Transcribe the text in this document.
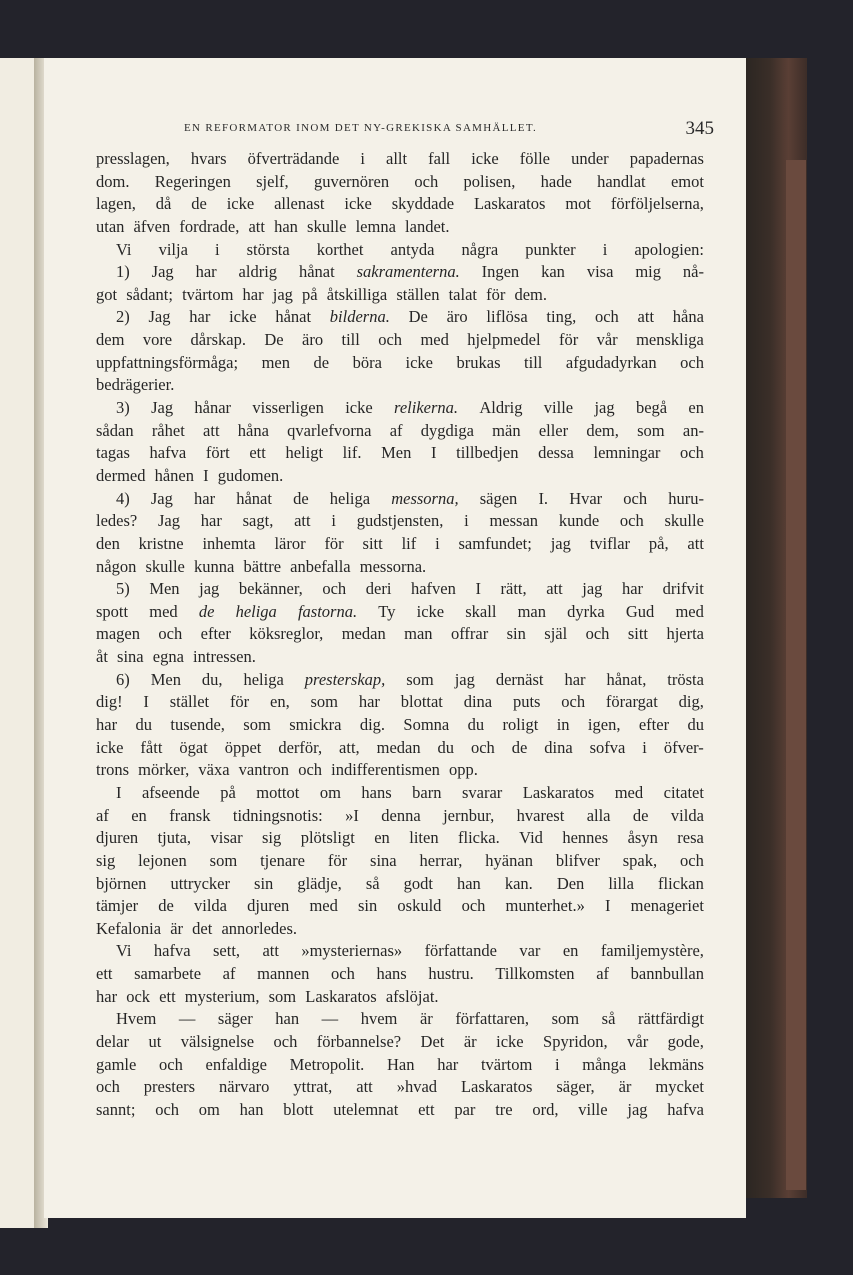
EN REFORMATOR INOM DET NY-GREKISKA SAMHÄLLET.	345
presslagen, hvars öfverträdande i allt fall icke fölle under papadernas
dom. Regeringen sjelf, guvernören och polisen, hade handlat emot
lagen, då de icke allenast icke skyddade Laskaratos mot förföljelserna,
utan äfven fordrade, att han skulle lemna landet.
Vi vilja i största korthet antyda några punkter i apologien:
1) Jag har aldrig hånat sakramenterna. Ingen kan visa mig nå-
got sådant; tvärtom har jag på åtskilliga ställen talat för dem.
2) Jag har icke hånat bilderna. De äro liflösa ting, och att håna
dem vore dårskap. De äro till och med hjelpmedel för vår menskliga
uppfattningsförmåga; men de böra icke brukas till afgudadyrkan och
bedrägerier.
3) Jag hånar visserligen icke relikerna. Aldrig ville jag begå en
sådan råhet att håna qvarlefvorna af dygdiga män eller dem, som an-
tagas hafva fört ett heligt lif. Men I tillbedjen dessa lemningar och
dermed hånen I gudomen.
4) Jag har hånat de heliga messorna, sägen I. Hvar och huru-
ledes? Jag har sagt, att i gudstjensten, i messan kunde och skulle
den kristne inhemta läror för sitt lif i samfundet; jag tviflar på, att
någon skulle kunna bättre anbefalla messorna.
5) Men jag bekänner, och deri hafven I rätt, att jag har drifvit
spott med de heliga fastorna. Ty icke skall man dyrka Gud med
magen och efter köksreglor, medan man offrar sin själ och sitt hjerta
åt sina egna intressen.
6) Men du, heliga presterskap, som jag dernäst har hånat, trösta
dig! I stället för en, som har blottat dina puts och förargat dig,
har du tusende, som smickra dig. Somna du roligt in igen, efter du
icke fått ögat öppet derför, att, medan du och de dina sofva i öfver-
trons mörker, växa vantron och indifferentismen opp.
I afseende på mottot om hans barn svarar Laskaratos med citatet
af en fransk tidningsnotis: »I denna jernbur, hvarest alla de vilda
djuren tjuta, visar sig plötsligt en liten flicka. Vid hennes åsyn resa
sig lejonen som tjenare för sina herrar, hyänan blifver spak, och
björnen uttrycker sin glädje, så godt han kan. Den lilla flickan
tämjer de vilda djuren med sin oskuld och munterhet.» I menageriet
Kefalonia är det annorledes.
Vi hafva sett, att »mysteriernas» författande var en familjemystère,
ett samarbete af mannen och hans hustru. Tillkomsten af bannbullan
har ock ett mysterium, som Laskaratos afslöjat.
Hvem — säger han — hvem är författaren, som så rättfärdigt
delar ut välsignelse och förbannelse? Det är icke Spyridon, vår gode,
gamle och enfaldige Metropolit. Han har tvärtom i många lekmäns
och presters närvaro yttrat, att »hvad Laskaratos säger, är mycket
sannt; och om han blott utelemnat ett par tre ord, ville jag hafva
